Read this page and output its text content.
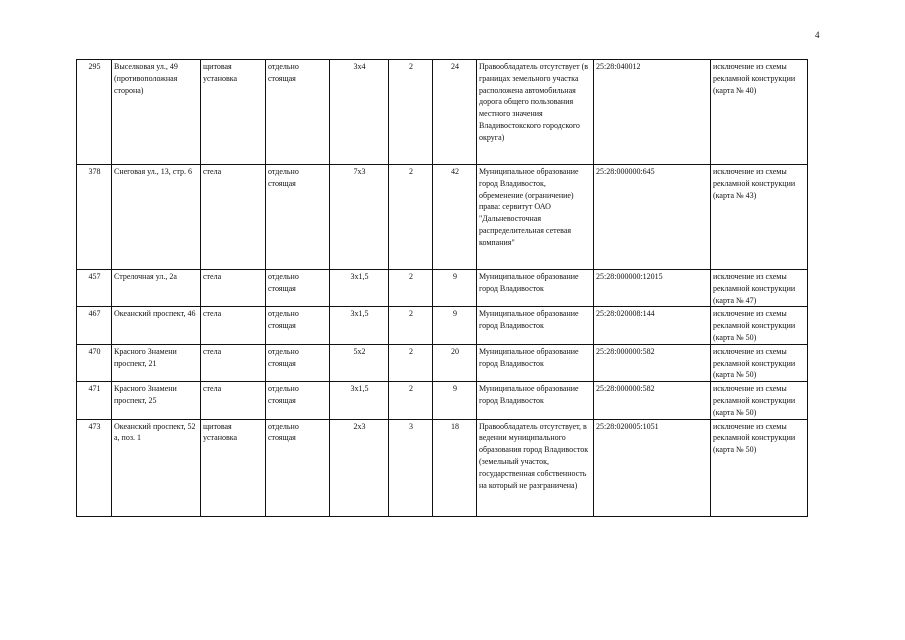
4
295	Выселковая ул., 49 (противоположная сторона)	щитовая установка	отдельно стоящая	3х4	2	24	Правообладатель отсутствует (в границах земельного участка расположена автомобильная дорога общего пользования местного значения Владивостокского городского округа)	25:28:040012	исключение из схемы рекламной конструкции (карта № 40)
378	Снеговая ул., 13, стр. 6	стела	отдельно стоящая	7х3	2	42	Муниципальное образование город Владивосток, обременение (ограничение) права: сервитут ОАО "Дальневосточная распределительная сетевая компания"	25:28:000000:645	исключение из схемы рекламной конструкции (карта № 43)
457	Стрелочная ул., 2а	стела	отдельно стоящая	3х1,5	2	9	Муниципальное образование город Владивосток	25:28:000000:12015	исключение из схемы рекламной конструкции (карта № 47)
467	Океанский проспект, 46	стела	отдельно стоящая	3х1,5	2	9	Муниципальное образование город Владивосток	25:28:020008:144	исключение из схемы рекламной конструкции (карта № 50)
470	Красного Знамени проспект, 21	стела	отдельно стоящая	5х2	2	20	Муниципальное образование город Владивосток	25:28:000000:582	исключение из схемы рекламной конструкции (карта № 50)
471	Красного Знамени проспект, 25	стела	отдельно стоящая	3х1,5	2	9	Муниципальное образование город Владивосток	25:28:000000:582	исключение из схемы рекламной конструкции (карта № 50)
473	Океанский проспект, 52 а, поз. 1	щитовая установка	отдельно стоящая	2х3	3	18	Правообладатель отсутствует, в ведении муниципального образования город Владивосток (земельный участок, государственная собственность на который не разграничена)	25:28:020005:1051	исключение из схемы рекламной конструкции (карта № 50)
